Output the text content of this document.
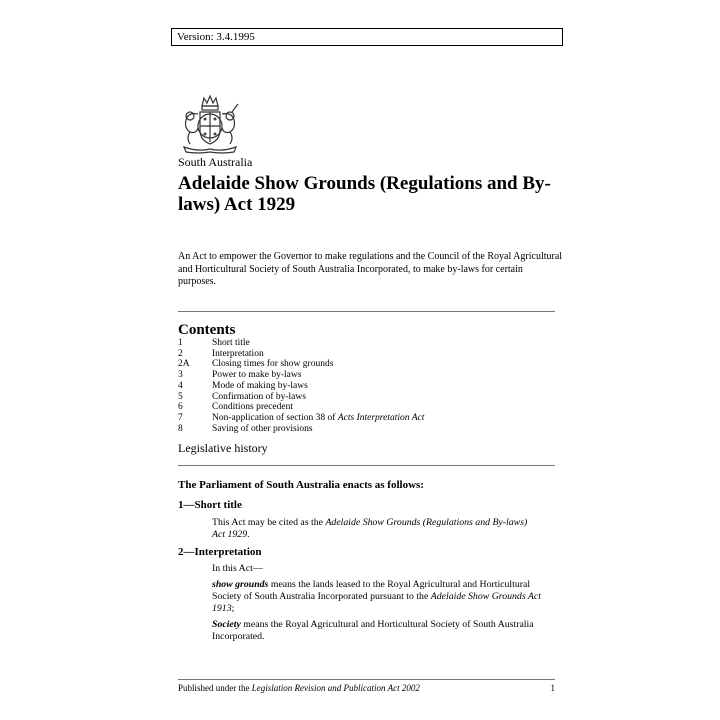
Version: 3.4.1995
South Australia
Adelaide Show Grounds (Regulations and By-laws) Act 1929
An Act to empower the Governor to make regulations and the Council of the Royal Agricultural and Horticultural Society of South Australia Incorporated, to make by-laws for certain purposes.
Contents
1	Short title
2	Interpretation
2A	Closing times for show grounds
3	Power to make by-laws
4	Mode of making by-laws
5	Confirmation of by-laws
6	Conditions precedent
7	Non-application of section 38 of Acts Interpretation Act
8	Saving of other provisions
Legislative history
The Parliament of South Australia enacts as follows:
1—Short title
This Act may be cited as the Adelaide Show Grounds (Regulations and By-laws) Act 1929.
2—Interpretation
In this Act—
show grounds means the lands leased to the Royal Agricultural and Horticultural Society of South Australia Incorporated pursuant to the Adelaide Show Grounds Act 1913;
Society means the Royal Agricultural and Horticultural Society of South Australia Incorporated.
Published under the Legislation Revision and Publication Act 2002	1
